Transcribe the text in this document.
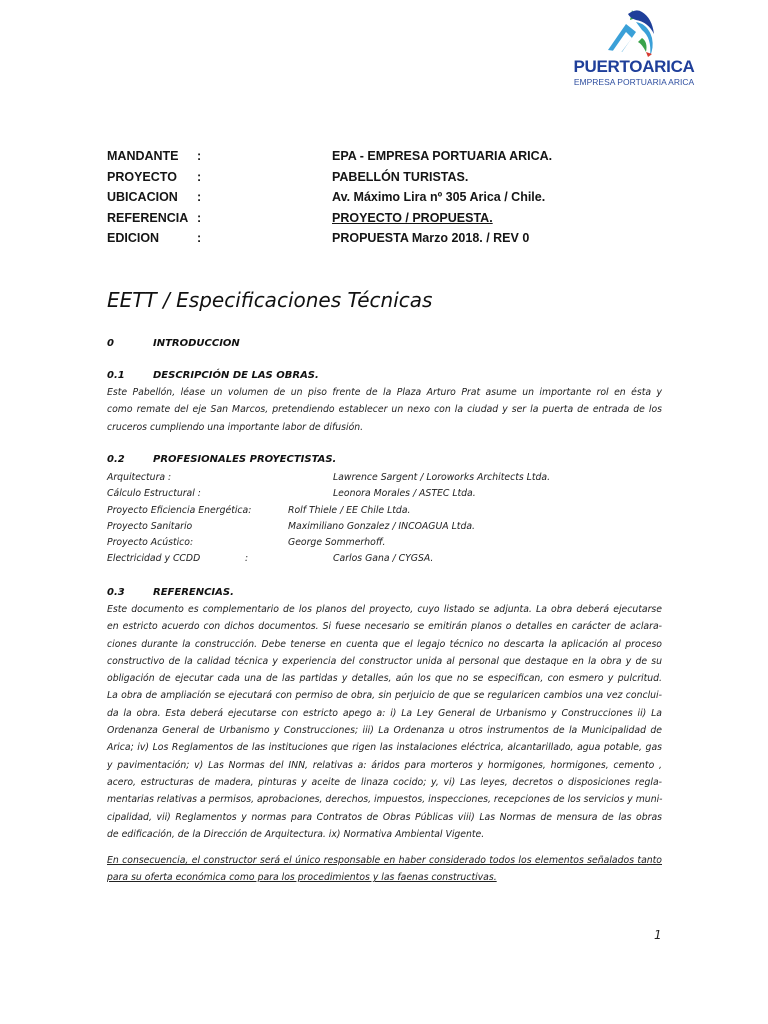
PUERTOARICA
EMPRESA PORTUARIA ARICA
MANDANTE :	EPA - EMPRESA PORTUARIA ARICA.
PROYECTO :	PABELLÓN TURISTAS.
UBICACION :	Av. Máximo Lira nº 305 Arica / Chile.
REFERENCIA :	PROYECTO / PROPUESTA.
EDICION	:	PROPUESTA Marzo 2018. / REV 0
EETT / Especificaciones Técnicas
0	INTRODUCCION
0.1	DESCRIPCIÓN DE LAS OBRAS.
Este Pabellón, léase un volumen de un piso frente de la Plaza Arturo Prat asume un importante rol en ésta y
como remate del eje San Marcos, pretendiendo establecer un nexo con la ciudad y ser la puerta de entrada de los
cruceros cumpliendo una importante labor de difusión.
0.2	PROFESIONALES PROYECTISTAS.
Arquitectura :	Lawrence Sargent / Loroworks Architects Ltda.
Cálculo Estructural :	Leonora Morales / ASTEC Ltda.
Proyecto Eficiencia Energética:	Rolf Thiele / EE Chile Ltda.
Proyecto Sanitario	Maximiliano Gonzalez / INCOAGUA Ltda.
Proyecto Acústico:	George Sommerhoff.
Electricidad y CCDD	:	Carlos Gana / CYGSA.
0.3	REFERENCIAS.
Este documento es complementario de los planos del proyecto, cuyo listado se adjunta. La obra deberá ejecutarse
en estricto acuerdo con dichos documentos. Si fuese necesario se emitirán planos o detalles en carácter de aclara-
ciones durante la construcción. Debe tenerse en cuenta que el legajo técnico no descarta la aplicación al proceso
constructivo de la calidad técnica y experiencia del constructor unida al personal que destaque en la obra y de su
obligación de ejecutar cada una de las partidas y detalles, aún los que no se especifican, con esmero y pulcritud.
La obra de ampliación se ejecutará con permiso de obra, sin perjuicio de que se regularicen cambios una vez conclui-
da la obra. Esta deberá ejecutarse con estricto apego a: i) La Ley General de Urbanismo y Construcciones ii) La
Ordenanza General de Urbanismo y Construcciones; iii) La Ordenanza u otros instrumentos de la Municipalidad de
Arica; iv) Los Reglamentos de las instituciones que rigen las instalaciones eléctrica, alcantarillado, agua potable, gas
y pavimentación; v) Las Normas del INN, relativas a: áridos para morteros y hormigones, hormigones, cemento ,
acero, estructuras de madera, pinturas y aceite de linaza cocido; y, vi) Las leyes, decretos o disposiciones regla-
mentarias relativas a permisos, aprobaciones, derechos, impuestos, inspecciones, recepciones de los servicios y muni-
cipalidad, vii) Reglamentos y normas para Contratos de Obras Públicas viii) Las Normas de mensura de las obras
de edificación, de la Dirección de Arquitectura. ix) Normativa Ambiental Vigente.
En consecuencia, el constructor será el único responsable en haber considerado todos los elementos señalados tanto
para su oferta económica como para los procedimientos y las faenas constructivas.
1
